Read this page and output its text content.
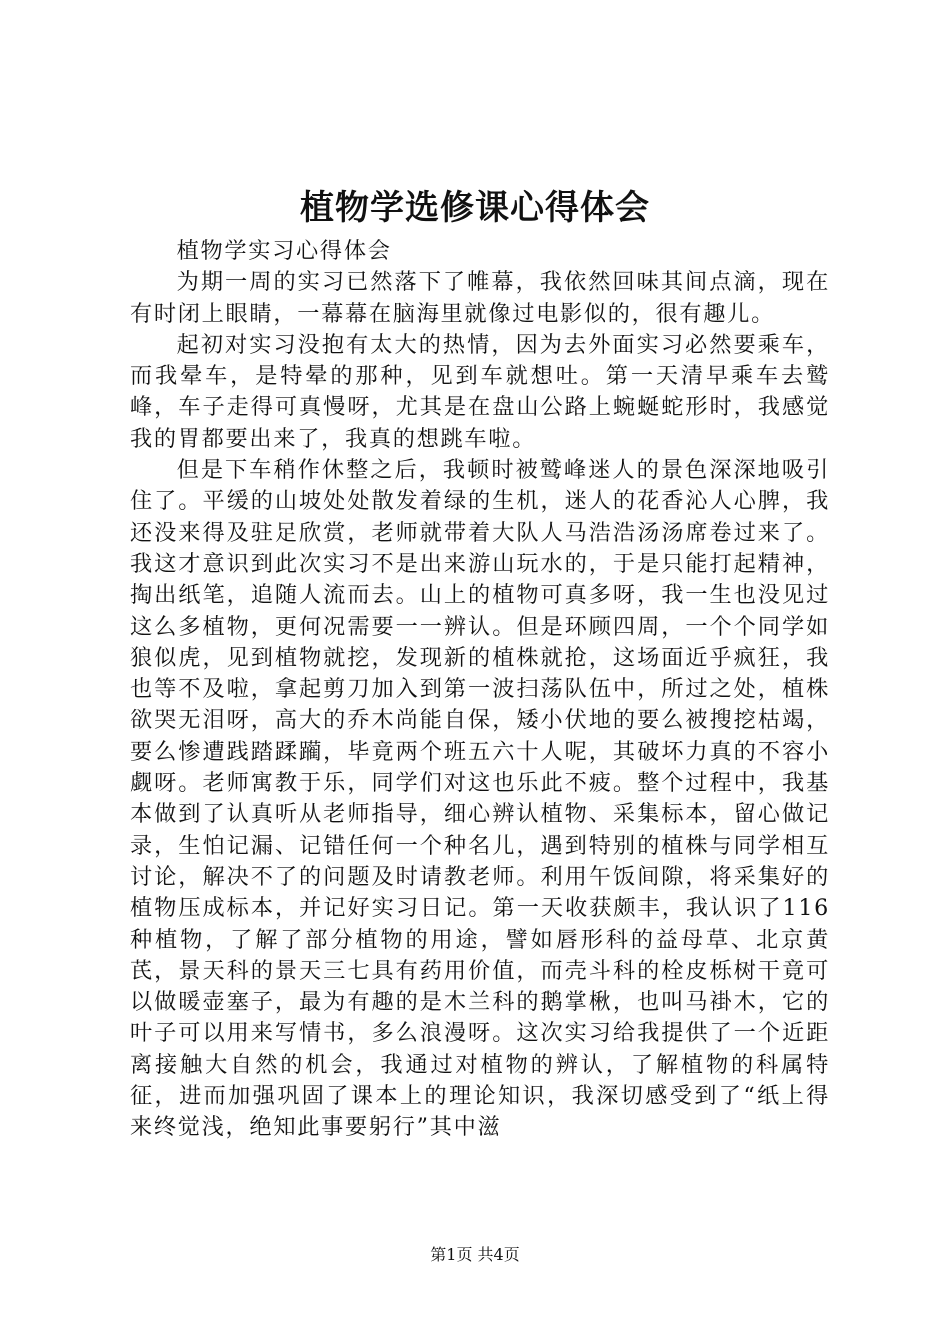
植物学选修课心得体会

植物学实习心得体会

为期一周的实习已然落下了帷幕，我依然回味其间点滴，现在有时闭上眼睛，一幕幕在脑海里就像过电影似的，很有趣儿。

起初对实习没抱有太大的热情，因为去外面实习必然要乘车，而我晕车，是特晕的那种，见到车就想吐。第一天清早乘车去鹫峰，车子走得可真慢呀，尤其是在盘山公路上蜿蜒蛇形时，我感觉我的胃都要出来了，我真的想跳车啦。

但是下车稍作休整之后，我顿时被鹫峰迷人的景色深深地吸引住了。平缓的山坡处处散发着绿的生机，迷人的花香沁人心脾，我还没来得及驻足欣赏，老师就带着大队人马浩浩汤汤席卷过来了。我这才意识到此次实习不是出来游山玩水的，于是只能打起精神，掏出纸笔，追随人流而去。山上的植物可真多呀，我一生也没见过这么多植物，更何况需要一一辨认。但是环顾四周，一个个同学如狼似虎，见到植物就挖，发现新的植株就抢，这场面近乎疯狂，我也等不及啦，拿起剪刀加入到第一波扫荡队伍中，所过之处，植株欲哭无泪呀，高大的乔木尚能自保，矮小伏地的要么被搜挖枯竭，要么惨遭践踏蹂躏，毕竟两个班五六十人呢，其破坏力真的不容小觑呀。老师寓教于乐，同学们对这也乐此不疲。整个过程中，我基本做到了认真听从老师指导，细心辨认植物、采集标本，留心做记录，生怕记漏、记错任何一个种名儿，遇到特别的植株与同学相互讨论，解决不了的问题及时请教老师。利用午饭间隙，将采集好的植物压成标本，并记好实习日记。第一天收获颇丰，我认识了116种植物，了解了部分植物的用途，譬如唇形科的益母草、北京黄芪，景天科的景天三七具有药用价值，而壳斗科的栓皮栎树干竟可以做暖壶塞子，最为有趣的是木兰科的鹅掌楸，也叫马褂木，它的叶子可以用来写情书，多么浪漫呀。这次实习给我提供了一个近距离接触大自然的机会，我通过对植物的辨认，了解植物的科属特征，进而加强巩固了课本上的理论知识，我深切感受到了“纸上得来终觉浅，绝知此事要躬行”其中滋

第1页 共4页
